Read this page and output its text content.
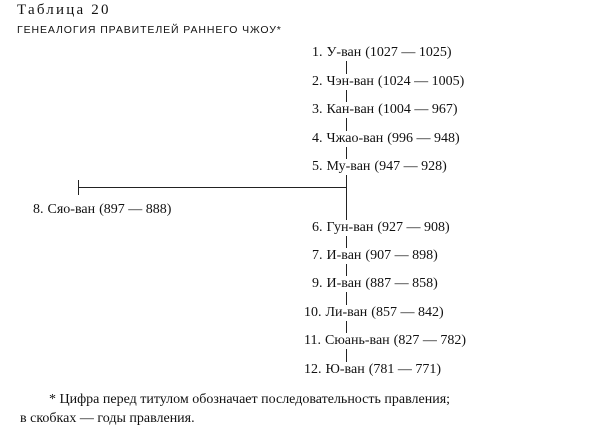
Таблица 20
ГЕНЕАЛОГИЯ ПРАВИТЕЛЕЙ РАННЕГО ЧЖОУ*
1. У-ван (1027 — 1025)
2. Чэн-ван (1024 — 1005)
3. Кан-ван (1004 — 967)
4. Чжао-ван (996 — 948)
5. Му-ван (947 — 928)
8. Сяо-ван (897 — 888)
6. Гун-ван (927 — 908)
7. И-ван (907 — 898)
9. И-ван (887 — 858)
10. Ли-ван (857 — 842)
11. Сюань-ван (827 — 782)
12. Ю-ван (781 — 771)
* Цифра перед титулом обозначает последовательность правления;
в скобках — годы правления.
